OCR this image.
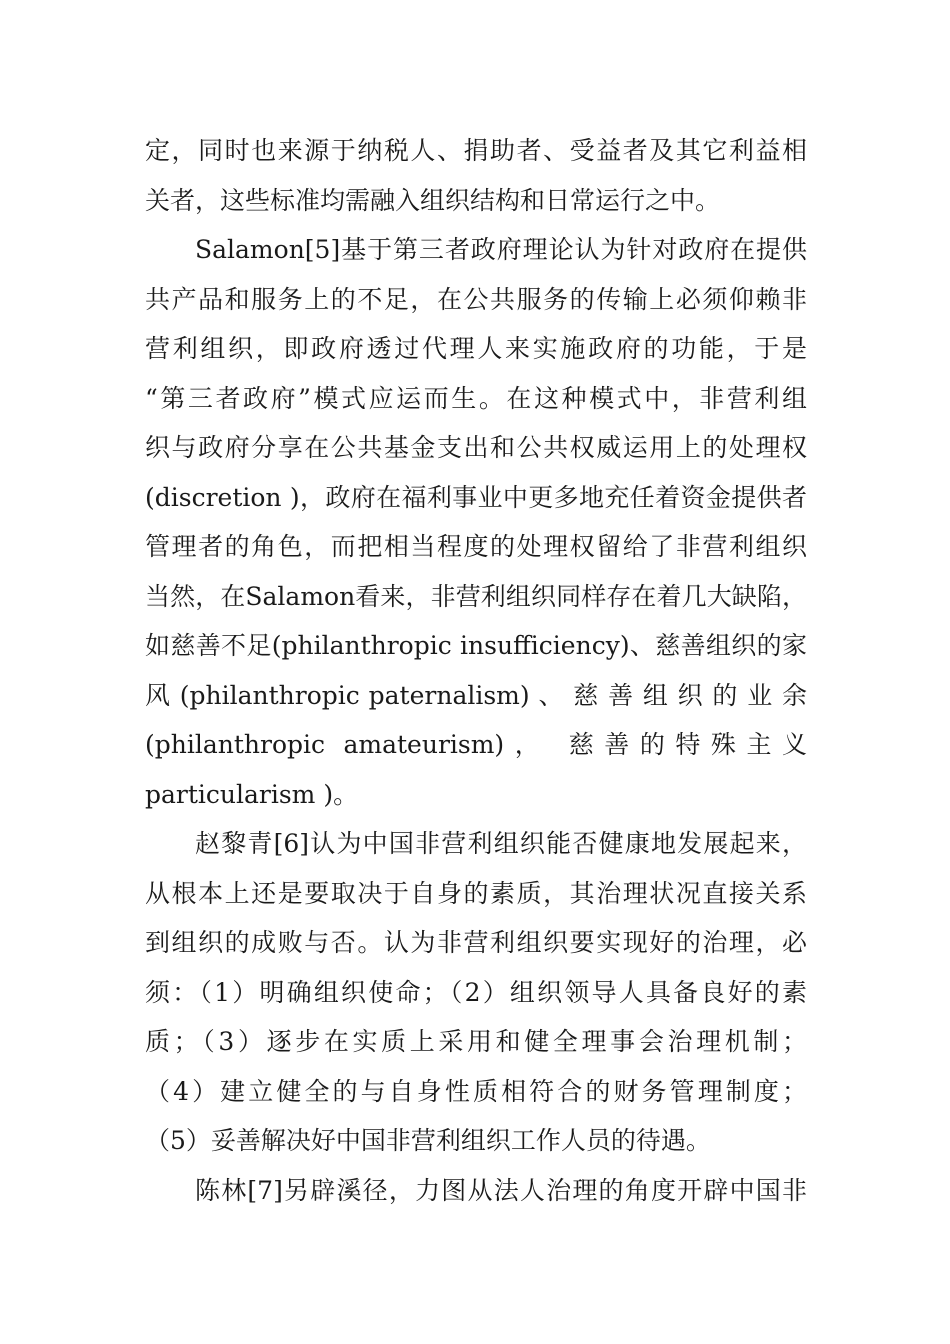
定，同时也来源于纳税人、捐助者、受益者及其它利益相
关者，这些标准均需融入组织结构和日常运行之中。
Salamon[5]基于第三者政府理论认为针对政府在提供
共产品和服务上的不足，在公共服务的传输上必须仰赖非
营利组织，即政府透过代理人来实施政府的功能，于是
“第三者政府”模式应运而生。在这种模式中，非营利组
织与政府分享在公共基金支出和公共权威运用上的处理权
(discretion )，政府在福利事业中更多地充任着资金提供者
管理者的角色，而把相当程度的处理权留给了非营利组织
当然，在Salamon看来，非营利组织同样存在着几大缺陷，
如慈善不足(philanthropic insufficiency)、慈善组织的家
风 (philanthropic paternalism) 、 慈 善 组 织 的 业 余
(philanthropic amateurism)， 慈善的特殊主义
particularism )。
赵黎青[6]认为中国非营利组织能否健康地发展起来，
从根本上还是要取决于自身的素质，其治理状况直接关系
到组织的成败与否。认为非营利组织要实现好的治理，必
须：（1）明确组织使命；（2）组织领导人具备良好的素
质；（3）逐步在实质上采用和健全理事会治理机制；
（4）建立健全的与自身性质相符合的财务管理制度；
（5）妥善解决好中国非营利组织工作人员的待遇。
陈林[7]另辟溪径，力图从法人治理的角度开辟中国非
